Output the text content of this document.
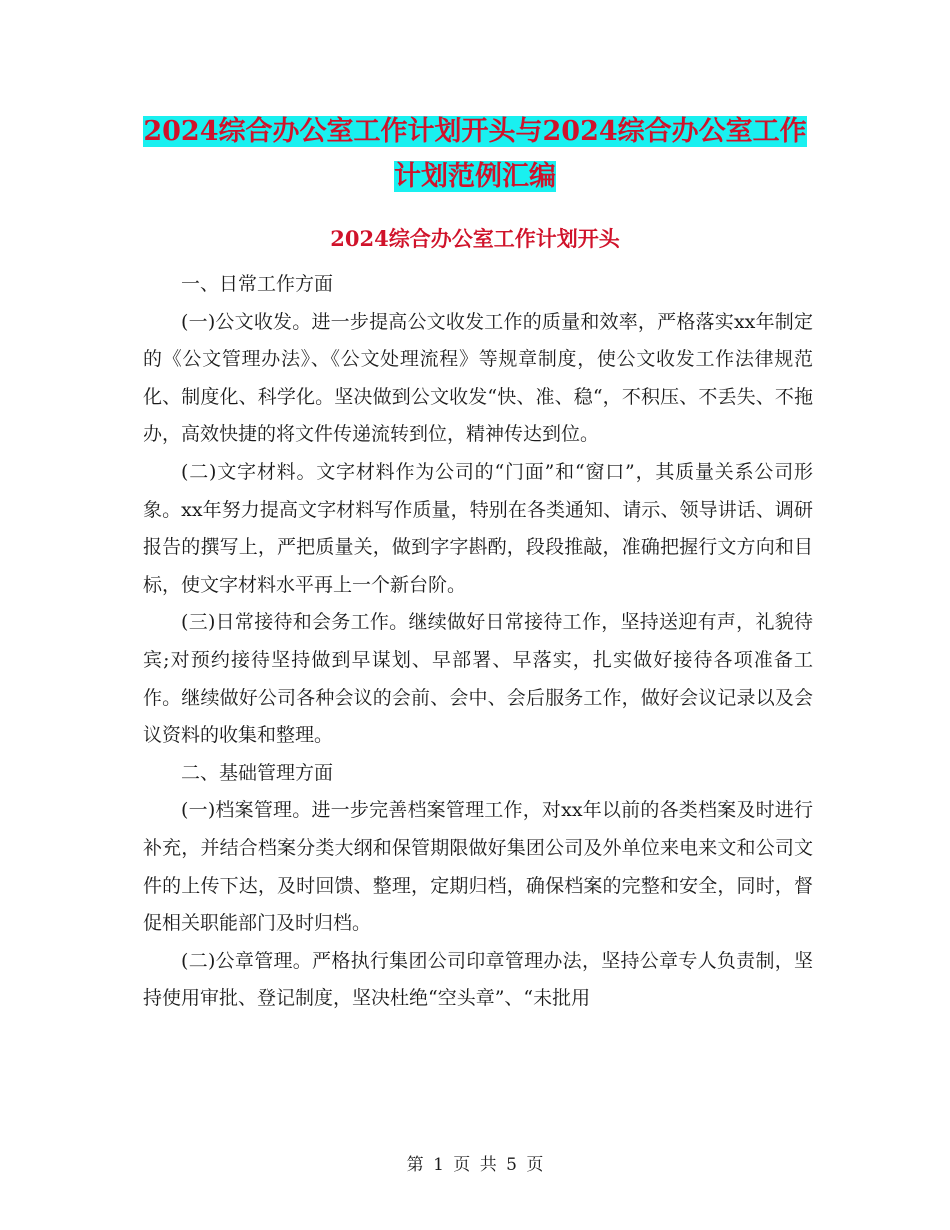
2024综合办公室工作计划开头与2024综合办公室工作
计划范例汇编
2024综合办公室工作计划开头

一、日常工作方面

(一)公文收发。进一步提高公文收发工作的质量和效率，严格落实xx年制定的《公文管理办法》、《公文处理流程》等规章制度，使公文收发工作法律规范化、制度化、科学化。坚决做到公文收发“快、准、稳“，不积压、不丢失、不拖办，高效快捷的将文件传递流转到位，精神传达到位。

(二)文字材料。文字材料作为公司的“门面”和“窗口”，其质量关系公司形象。xx年努力提高文字材料写作质量，特别在各类通知、请示、领导讲话、调研报告的撰写上，严把质量关，做到字字斟酌，段段推敲，准确把握行文方向和目标，使文字材料水平再上一个新台阶。

(三)日常接待和会务工作。继续做好日常接待工作，坚持送迎有声，礼貌待宾;对预约接待坚持做到早谋划、早部署、早落实，扎实做好接待各项准备工作。继续做好公司各种会议的会前、会中、会后服务工作，做好会议记录以及会议资料的收集和整理。

二、基础管理方面

(一)档案管理。进一步完善档案管理工作，对xx年以前的各类档案及时进行补充，并结合档案分类大纲和保管期限做好集团公司及外单位来电来文和公司文件的上传下达，及时回馈、整理，定期归档，确保档案的完整和安全，同时，督促相关职能部门及时归档。

(二)公章管理。严格执行集团公司印章管理办法，坚持公章专人负责制，坚持使用审批、登记制度，坚决杜绝“空头章”、“未批用

第 1 页 共 5 页
